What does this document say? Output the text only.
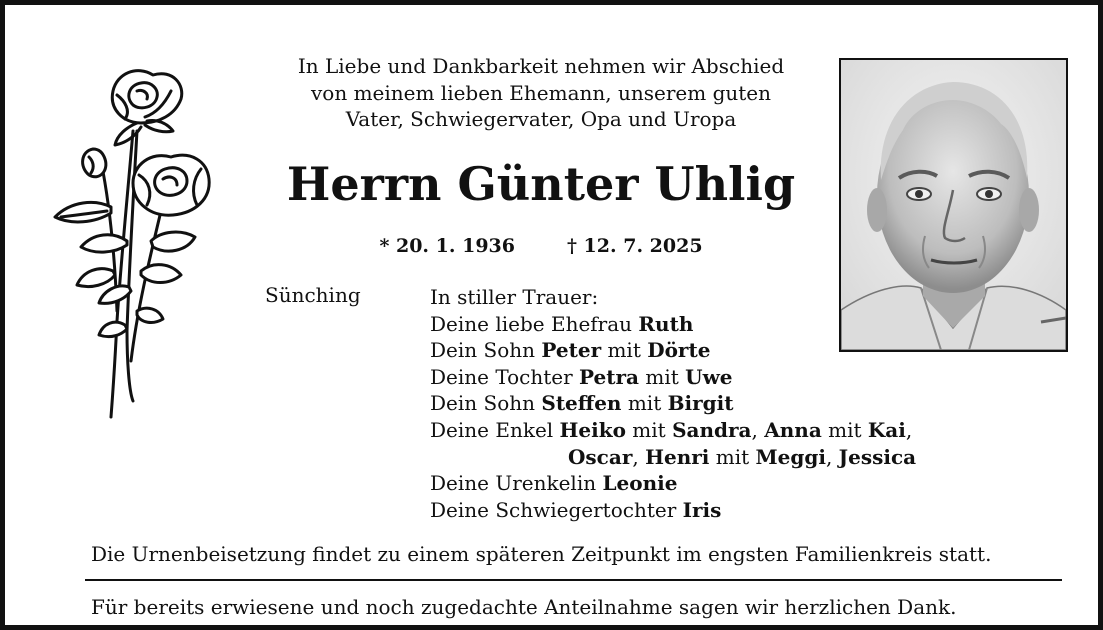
In Liebe und Dankbarkeit nehmen wir Abschied
von meinem lieben Ehemann, unserem guten
Vater, Schwiegervater, Opa und Uropa
Herrn Günter Uhlig
* 20. 1. 1936	† 12. 7. 2025
Sünching	In stiller Trauer:
Deine liebe Ehefrau Ruth
Dein Sohn Peter mit Dörte
Deine Tochter Petra mit Uwe
Dein Sohn Steffen mit Birgit
Deine Enkel Heiko mit Sandra, Anna mit Kai,
Oscar, Henri mit Meggi, Jessica
Deine Urenkelin Leonie
Deine Schwiegertochter Iris
Die Urnenbeisetzung findet zu einem späteren Zeitpunkt im engsten Familienkreis statt.
Für bereits erwiesene und noch zugedachte Anteilnahme sagen wir herzlichen Dank.
